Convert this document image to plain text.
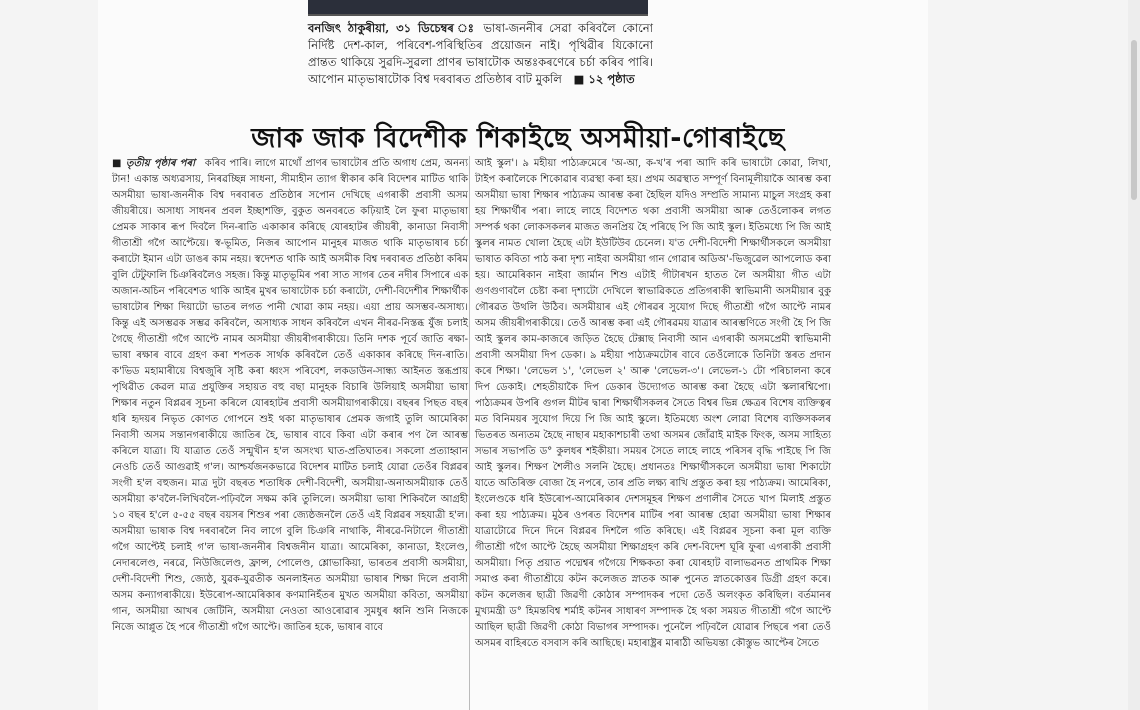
বনজিৎ ঠাকুৰীয়া, ৩১ ডিচেম্বৰ ঃ ভাষা-জননীৰ সেৱা কৰিবলৈ কোনো নিৰ্দিষ্ট দেশ-কাল, পৰিবেশ-পৰিস্থিতিৰ প্ৰয়োজন নাই। পৃথিৱীৰ যিকোনো প্ৰান্তত থাকিয়ে সুৱদি-সুৱলা প্ৰাণৰ ভাষাটোক অন্তঃকৰণেৰে চৰ্চা কৰিব পাৰি। আপোন মাতৃভাষাটোক বিশ্ব দৰবাৰত প্ৰতিষ্ঠাৰ বাট মুকলি ■ ১২ পৃষ্ঠাত
জাক জাক বিদেশীক শিকাইছে অসমীয়া-গোৰাইছে
■ তৃতীয় পৃষ্ঠাৰ পৰা কৰিব পাৰি। লাগে মাথোঁ প্ৰাণৰ ভাষাটোৰ প্ৰতি অগাধ প্ৰেম, অনন্য টান! একান্ত অধ্যৱসায়, নিৰৱচ্ছিন্ন সাধনা, সীমাহীন ত্যাগ স্বীকাৰ কৰি বিদেশৰ মাটিত থাকি অসমীয়া ভাষা-জননীক বিশ্ব দৰবাৰত প্ৰতিষ্ঠাৰ সপোন দেখিছে এগৰাকী প্ৰবাসী অসম জীয়ৰীয়ে। অসাধ্য সাধনৰ প্ৰবল ইচ্ছাশক্তি, বুকুত অনবৰতে কঢ়িয়াই লৈ ফুৰা মাতৃভাষা প্ৰেমক সাকাৰ ৰূপ দিবলৈ দিন-ৰাতি একাকাৰ কৰিছে যোৰহাটৰ জীয়ৰী, কানাডা নিবাসী গীতাশ্ৰী গগৈ আপ্টেয়ে। স্ব-ভূমিত, নিজৰ আপোন মানুহৰ মাজত থাকি মাতৃভাষাৰ চৰ্চা কৰাটো ইমান এটা ডাঙৰ কাম নহয়। স্বদেশত থাকি আই অসমীক বিশ্ব দৰবাৰত প্ৰতিষ্ঠা কৰিম বুলি টেটুফালি চিঞৰিবলৈও সহজ। কিন্তু মাতৃভূমিৰ পৰা সাত সাগৰ তেৰ নদীৰ সিপাৰে এক অজান-অচিন পৰিবেশত থাকি আইৰ মুখৰ ভাষাটোক চৰ্চা কৰাটো, দেশী-বিদেশীৰ শিক্ষাৰ্থীক ভাষাটোৰ শিক্ষা দিয়াটো ভাতৰ লগত পানী খোৱা কাম নহয়। এয়া প্ৰায় অসম্ভব-অসাধ্য। কিন্তু এই অসম্ভৱক সম্ভৱ কৰিবলৈ, অসাধ্যক সাধন কৰিবলৈ এখন নীৰৱ-নিস্তব্ধ যুঁজ চলাই গৈছে গীতাশ্ৰী গগৈ আপ্টে নামৰ অসমীয়া জীয়ৰীগৰাকীয়ে। তিনি দশক পূৰ্বে জাতি ৰক্ষা-ভাষা ৰক্ষাৰ বাবে গ্ৰহণ কৰা শপতক সাৰ্থক কৰিবলৈ তেওঁ একাকাৰ কৰিছে দিন-ৰাতি। ক'ভিড মহামাৰীয়ে বিশ্বজুৰি সৃষ্টি কৰা ধ্বংস পৰিবেশ, লকডাউন-সান্ধ্য আইনত স্তব্ধপ্ৰায় পৃথিৱীত কেৱল মাত্ৰ প্ৰযুক্তিৰ সহায়ত বহু বছা মানুহক বিচাৰি উলিয়াই অসমীয়া ভাষা শিক্ষাৰ নতুন বিপ্লৱৰ সূচনা কৰিলে যোৰহাটৰ প্ৰবাসী অসমীয়াগৰাকীয়ে। বছৰৰ পিছত বছৰ ধৰি হৃদয়ৰ নিভৃত কোণত গোপনে শুই থকা মাতৃভাষাৰ প্ৰেমক জগাই তুলি আমেৰিকা নিবাসী অসম সন্তানগৰাকীয়ে জাতিৰ হৈ, ভাষাৰ বাবে কিবা এটা কৰাৰ পণ লৈ আৰম্ভ কৰিলে যাত্ৰা। যি যাত্ৰাত তেওঁ সন্মুখীন হ'ল অসংখ্য ঘাত-প্ৰতিঘাতৰ। সকলো প্ৰত্যাহ্বান নেওচি তেওঁ আগুৱাই গ'ল। আশ্চৰ্যজনকভাৱে বিদেশৰ মাটিত চলাই যোৱা তেওঁৰ বিপ্লৱৰ সংগী হ'ল বহুজন। মাত্ৰ দুটা বছৰত শতাধিক দেশী-বিদেশী, অসমীয়া-অনাঅসমীয়াক তেওঁ অসমীয়া ক'বলৈ-লিখিবলৈ-পঢ়িবলৈ সক্ষম কৰি তুলিলে। অসমীয়া ভাষা শিকিবলৈ আগ্ৰহী ১০ বছৰ হ'লে ৫-৫৫ বছৰ বয়সৰ শিশুৰ পৰা জ্যেষ্ঠজনলৈ তেওঁ এই বিপ্লৱৰ সহযাত্ৰী হ'ল। অসমীয়া ভাষাক বিশ্ব দৰবাৰলৈ নিব লাগে বুলি চিঞৰি নাথাকি, নীৰৱে-নিটালে গীতাশ্ৰী গগৈ আপ্টেই চলাই গ'ল ভাষা-জননীৰ বিশ্বজনীন যাত্ৰা। আমেৰিকা, কানাডা, ইংলেণ্ড, নেদাৰলেণ্ড, নৰৱে, নিউজিলেণ্ড, ফ্ৰান্স, পোলেণ্ড, শ্লোভাকিয়া, ভাৰতৰ প্ৰবাসী অসমীয়া, দেশী-বিদেশী শিশু, জ্যেষ্ঠ, যুৱক-যুৱতীক অনলাইনত অসমীয়া ভাষাৰ শিক্ষা দিলে প্ৰবাসী অসম কন্যাগৰাকীয়ে। ইউৰোপ-আমেৰিকাৰ কণমানিহঁতৰ মুখত অসমীয়া কবিতা, অসমীয়া গান, অসমীয়া আখৰ জেটিনি, অসমীয়া নেওতা আওৰোৱাৰ সুমধুৰ ধ্বনি শুনি নিজকে নিজে আপ্লুত হৈ পৰে গীতাশ্ৰী গগৈ আপ্টে। জাতিৰ হকে, ভাষাৰ বাবে
আই স্কুল'। ৯ মহীয়া পাঠ্যক্ৰমেৰে 'অ-আ, ক-খ'ৰ পৰা আদি কৰি ভাষাটো কোৱা, লিখা, টাইপ কৰালৈকে শিকোৱাৰ ব্যৱস্থা কৰা হয়। প্ৰথম অৱস্থাত সম্পূৰ্ণ বিনামূলীয়াকৈ আৰম্ভ কৰা অসমীয়া ভাষা শিক্ষাৰ পাঠ্যক্ৰম আৰম্ভ কৰা হৈছিল যদিও সম্প্ৰতি সামান্য মাচুল সংগ্ৰহ কৰা হয় শিক্ষাৰ্থীৰ পৰা। লাহে লাহে বিদেশত থকা প্ৰবাসী অসমীয়া আৰু তেওঁলোকৰ লগত সম্পৰ্ক থকা লোকসকলৰ মাজত জনপ্ৰিয় হৈ পৰিছে পি জি আই স্কুল। ইতিমধ্যে পি জি আই স্কুলৰ নামত খোলা হৈছে এটা ইউটিউব চেনেল। য'ত দেশী-বিদেশী শিক্ষাৰ্থীসকলে অসমীয়া ভাষাত কবিতা পাঠ কৰা দৃশ্য নাইবা অসমীয়া গান গোৱাৰ অডিঅ'-ভিজুৱেল আপলোড কৰা হয়। আমেৰিকান নাইবা জাৰ্মান শিশু এটাই গীটাৰখন হাতত লৈ অসমীয়া গীত এটা গুণগুণাবলৈ চেষ্টা কৰা দৃশ্যটো দেখিলে স্বাভাৱিকতে প্ৰতিগৰাকী স্বাভিমানী অসমীয়াৰ বুকু গৌৰৱত উথলি উঠিব। অসমীয়াৰ এই গৌৰৱৰ সুযোগ দিছে গীতাশ্ৰী গগৈ আপ্টে নামৰ অসম জীয়ৰীগৰাকীয়ে। তেওঁ আৰম্ভ কৰা এই গৌৰৱময় যাত্ৰাৰ আৰম্ভণিতে সংগী হৈ পি জি আই স্কুলৰ কাম-কাজৰে জড়িত হৈছে টেক্সাছ নিবাসী আন এগৰাকী অসমপ্ৰেমী স্বাভিমানী প্ৰবাসী অসমীয়া দিপ ডেকা। ৯ মহীয়া পাঠ্যক্ৰমটোৰ বাবে তেওঁলোকে তিনিটা স্তৰত প্ৰদান কৰে শিক্ষা। 'লেভেল ১', 'লেভেল ২' আৰু 'লেভেল-৩'। লেভেল-১ টো পৰিচালনা কৰে দিপ ডেকাই। শেহতীয়াকৈ দিপ ডেকাৰ উদ্যোগত আৰম্ভ কৰা হৈছে এটা স্কলাৰশ্বিপো। পাঠ্যক্ৰমৰ উপৰি গুগল মীটৰ দ্বাৰা শিক্ষাৰ্থীসকলৰ সৈতে বিশ্বৰ ভিন্ন ক্ষেত্ৰৰ বিশেষ ব্যক্তিত্বৰ মত বিনিময়ৰ সুযোগ দিয়ে পি জি আই স্কুলে। ইতিমধ্যে অংশ লোৱা বিশেষ ব্যক্তিসকলৰ ভিতৰত অন্যতম হৈছে নাছাৰ মহাকাশচাৰী তথা অসমৰ জোঁৱাই মাইক ফিংক, অসম সাহিত্য সভাৰ সভাপতি ড° কুলধৰ শইকীয়া। সময়ৰ সৈতে লাহে লাহে পৰিসৰ বৃদ্ধি পাইছে পি জি আই স্কুলৰ। শিক্ষণ শৈলীও সলনি হৈছে। প্ৰধানতঃ শিক্ষাৰ্থীসকলে অসমীয়া ভাষা শিকাটো যাতে অতিৰিক্ত বোজা হৈ নপৰে, তাৰ প্ৰতি লক্ষ্য ৰাখি প্ৰস্তুত কৰা হয় পাঠ্যক্ৰম। আমেৰিকা, ইংলেণ্ডকে ধৰি ইউৰোপ-আমেৰিকাৰ দেশসমূহৰ শিক্ষণ প্ৰণালীৰ সৈতে খাপ মিলাই প্ৰস্তুত কৰা হয় পাঠ্যক্ৰম। মুঠৰ ওপৰত বিদেশৰ মাটিৰ পৰা আৰম্ভ হোৱা অসমীয়া ভাষা শিক্ষাৰ যাত্ৰাটোৱে দিনে দিনে বিপ্লৱৰ দিশলৈ গতি কৰিছে। এই বিপ্লৱৰ সূচনা কৰা মূল ব্যক্তি গীতাশ্ৰী গগৈ আপ্টে হৈছে অসমীয়া শিক্ষাগ্ৰহণ কৰি দেশ-বিদেশ ঘূৰি ফুৰা এগৰাকী প্ৰবাসী অসমীয়া। পিতৃ প্ৰয়াত পদ্মেশ্বৰ গগৈয়ে শিক্ষকতা কৰা যোৰহাট বালাভৱনত প্ৰাথমিক শিক্ষা সমাপ্ত কৰা গীতাশ্ৰীয়ে কটন কলেজত স্নাতক আৰু পুনেত স্নাতকোত্তৰ ডিগ্ৰী গ্ৰহণ কৰে। কটন কলেজৰ ছাত্ৰী জিৱণী কোঠাৰ সম্পাদকৰ পদো তেওঁ অলংকৃত কৰিছিল। বৰ্তমানৰ মুখ্যমন্ত্ৰী ড° হিমন্তবিশ্ব শৰ্মাই কটনৰ সাধাৰণ সম্পাদক হৈ থকা সময়ত গীতাশ্ৰী গগৈ আপ্টে আছিল ছাত্ৰী জিৱণী কোঠা বিভাগৰ সম্পাদক। পুনেলৈ পঢ়িবলৈ যোৱাৰ পিছৰে পৰা তেওঁ অসমৰ বাহিৰতে বসবাস কৰি আছিছে। মহাৰাষ্ট্ৰৰ মাৰাঠী অভিযন্তা কৌস্তুভ আপ্টেৰ সৈতে
